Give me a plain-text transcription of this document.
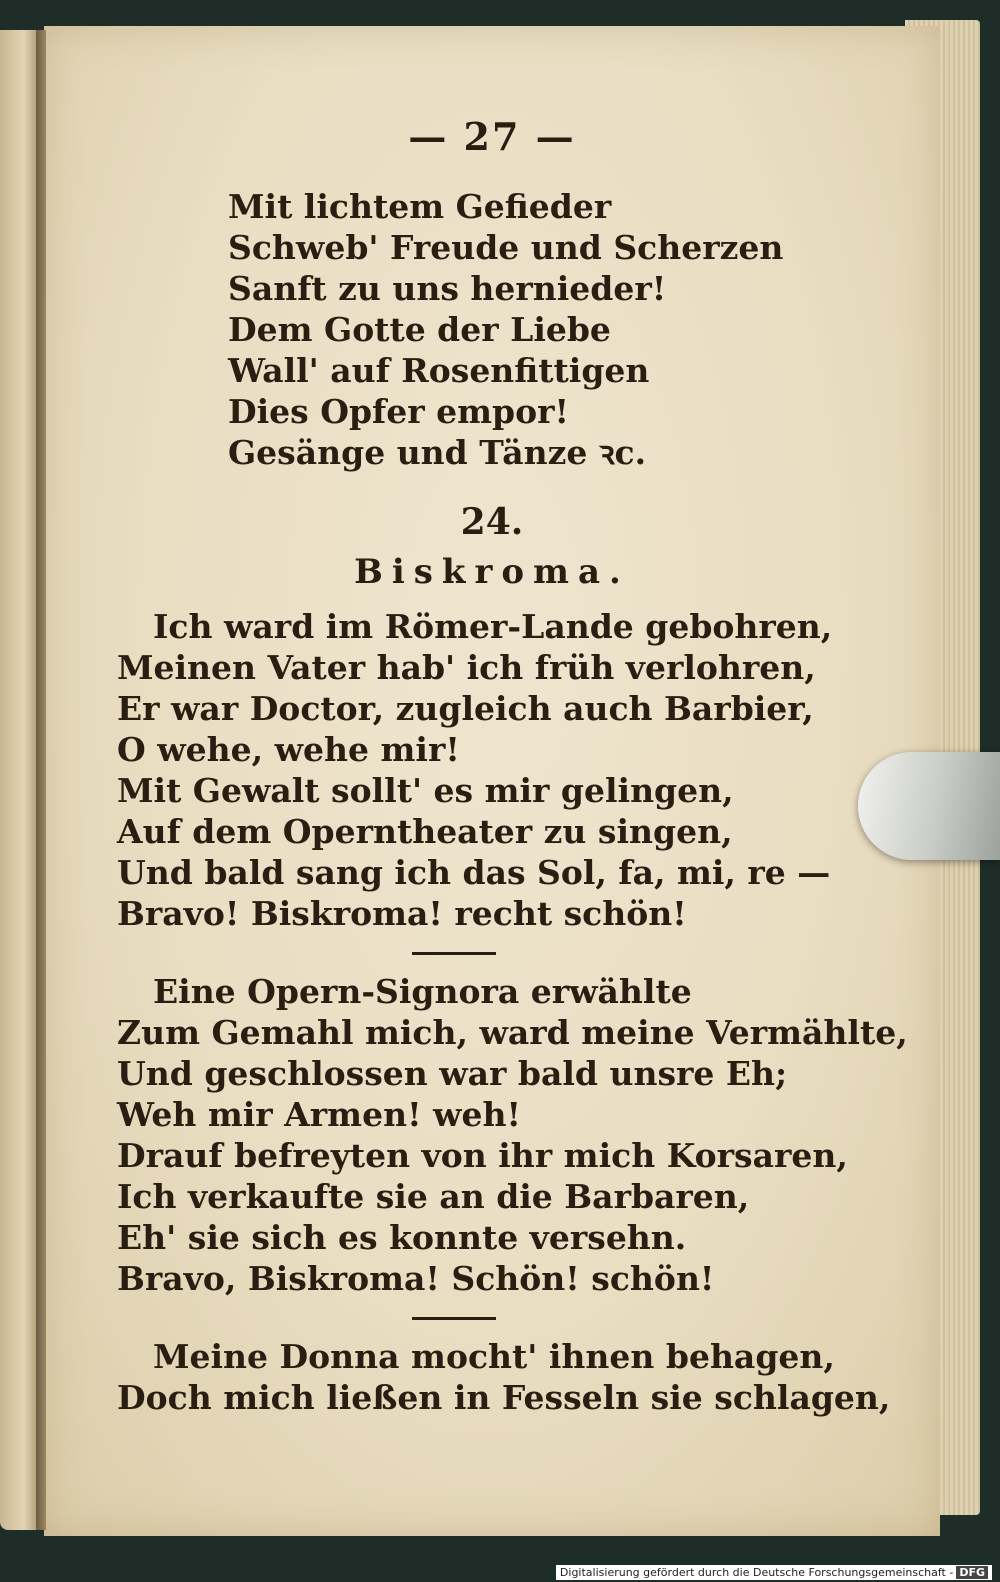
— 27 —
Mit lichtem Gefieder
Schweb' Freude und Scherzen
Sanft zu uns hernieder!
Dem Gotte der Liebe
Wall' auf Rosenfittigen
Dies Opfer empor!
Gesänge und Tänze ꝛc.
24.
Biskroma.
Ich ward im Römer-Lande gebohren,
Meinen Vater hab' ich früh verlohren,
Er war Doctor, zugleich auch Barbier,
O wehe, wehe mir!
Mit Gewalt sollt' es mir gelingen,
Auf dem Operntheater zu singen,
Und bald sang ich das Sol, fa, mi, re —
Bravo! Biskroma! recht schön!
Eine Opern-Signora erwählte
Zum Gemahl mich, ward meine Vermählte,
Und geschlossen war bald unsre Eh;
Weh mir Armen! weh!
Drauf befreyten von ihr mich Korsaren,
Ich verkaufte sie an die Barbaren,
Eh' sie sich es konnte versehn.
Bravo, Biskroma! Schön! schön!
Meine Donna mocht' ihnen behagen,
Doch mich ließen in Fesseln sie schlagen,
Digitalisierung gefördert durch die Deutsche Forschungsgemeinschaft - DFG
